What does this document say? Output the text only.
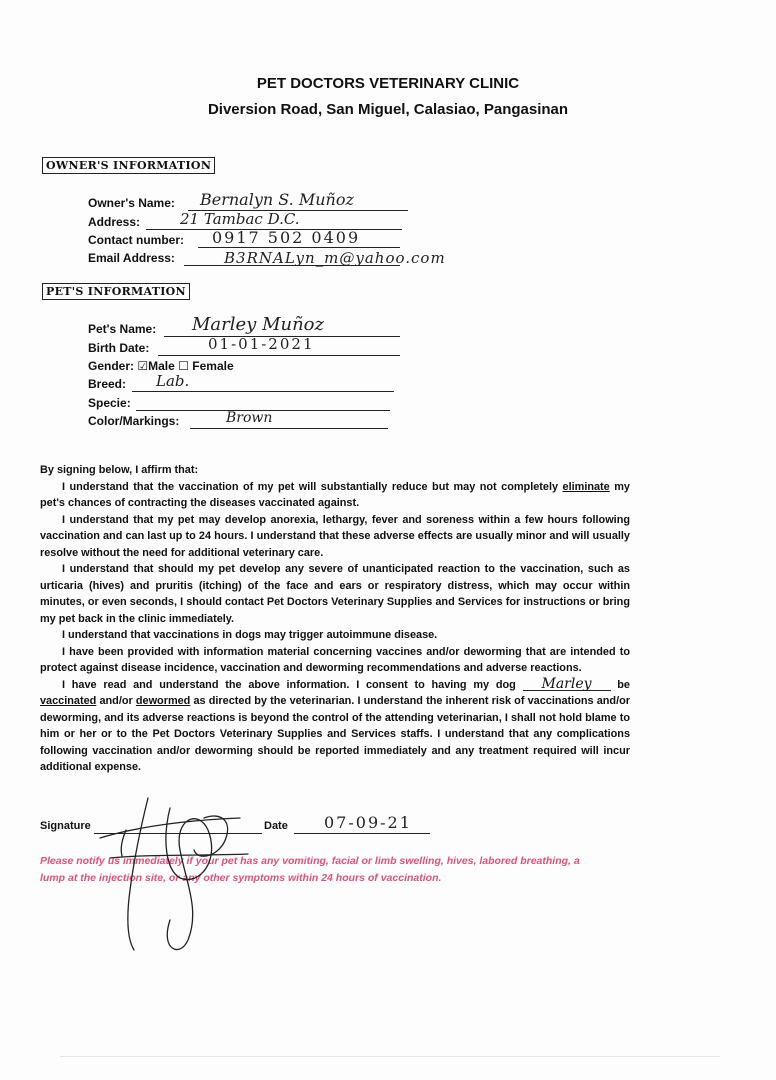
PET DOCTORS VETERINARY CLINIC
Diversion Road, San Miguel, Calasiao, Pangasinan
OWNER'S INFORMATION
Owner's Name: Bernalyn S. Muñoz
Address:	21 Tambac D.C.
Contact number: 0917 502 0409
Email Address:	B3RNALyn_m@yahoo.com
PET'S INFORMATION
Pet's Name: Marley Muñoz
Birth Date:	01-01-2021
Gender: ☑Male ☐ Female
Breed: Lab.
Specie:
Color/Markings:	Brown

By signing below, I affirm that:

I understand that the vaccination of my pet will substantially reduce but may not completely eliminate my pet's chances of contracting the diseases vaccinated against.

I understand that my pet may develop anorexia, lethargy, fever and soreness within a few hours following vaccination and can last up to 24 hours. I understand that these adverse effects are usually minor and will usually resolve without the need for additional veterinary care.

I understand that should my pet develop any severe of unanticipated reaction to the vaccination, such as urticaria (hives) and pruritis (itching) of the face and ears or respiratory distress, which may occur within minutes, or even seconds, I should contact Pet Doctors Veterinary Supplies and Services for instructions or bring my pet back in the clinic immediately.

I understand that vaccinations in dogs may trigger autoimmune disease.

I have been provided with information material concerning vaccines and/or deworming that are intended to protect against disease incidence, vaccination and deworming recommendations and adverse reactions.

I have read and understand the above information. I consent to having my dog Marley be vaccinated and/or dewormed as directed by the veterinarian. I understand the inherent risk of vaccinations and/or deworming, and its adverse reactions is beyond the control of the attending veterinarian, I shall not hold blame to him or her or to the Pet Doctors Veterinary Supplies and Services staffs. I understand that any complications following vaccination and/or deworming should be reported immediately and any treatment required will incur additional expense.

Signature	Date 07-09-21
Please notify us immediately if your pet has any vomiting, facial or limb swelling, hives, labored breathing, a lump at the injection site, or any other symptoms within 24 hours of vaccination.
